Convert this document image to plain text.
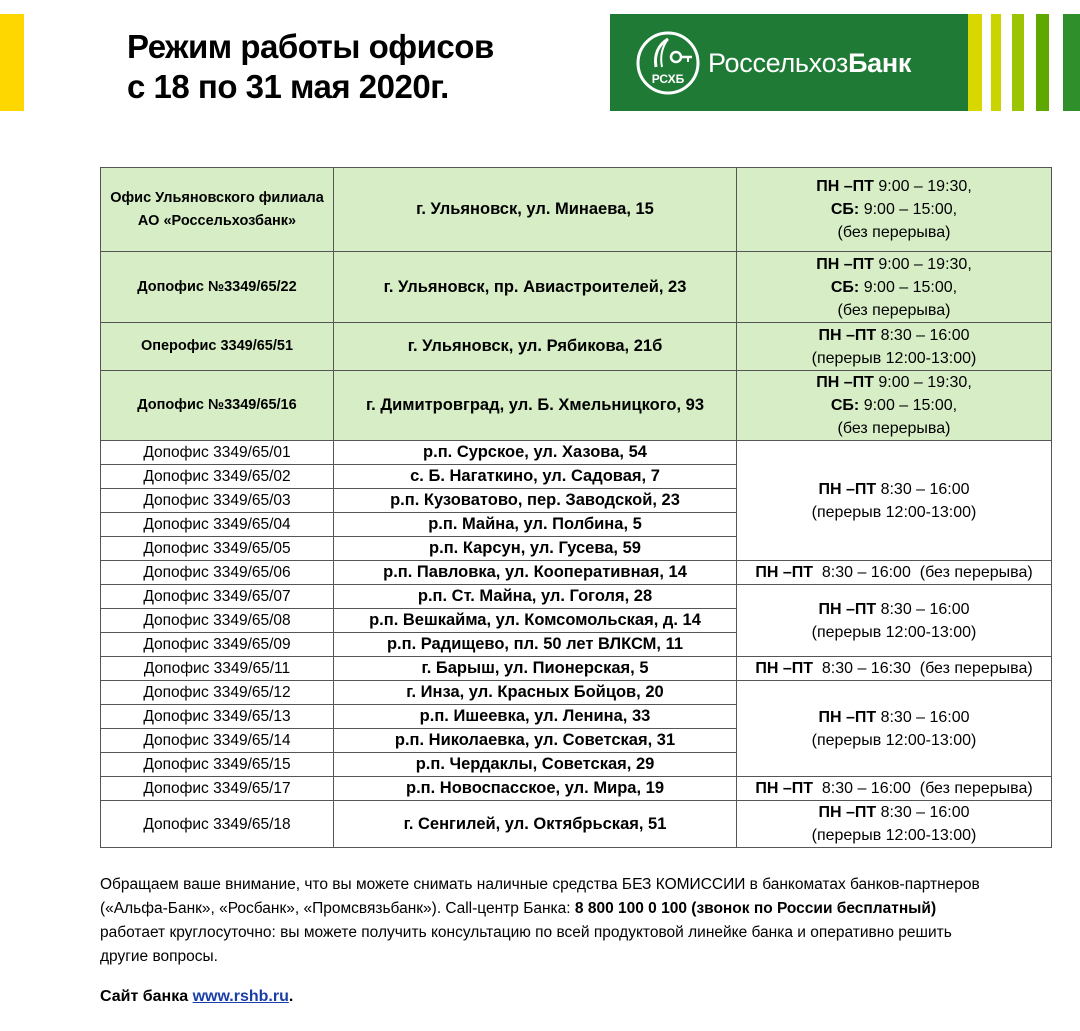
Режим работы офисов
с 18 по 31 мая 2020г.	РСХБ
РоссельхозБанк
Офис Ульяновского филиала АО «Россельхозбанк»	г. Ульяновск, ул. Минаева, 15	ПН –ПТ 9:00 – 19:30,
СБ: 9:00 – 15:00,
(без перерыва)

Допофис №3349/65/22	г. Ульяновск, пр. Авиастроителей, 23	ПН –ПТ 9:00 – 19:30,
СБ: 9:00 – 15:00,
(без перерыва)

Оперофис 3349/65/51	г. Ульяновск, ул. Рябикова, 21б	ПН –ПТ 8:30 – 16:00
(перерыв 12:00-13:00)

Допофис №3349/65/16	г. Димитровград, ул. Б. Хмельницкого, 93	ПН –ПТ 9:00 – 19:30,
СБ: 9:00 – 15:00,
(без перерыва)

Допофис 3349/65/01	р.п. Сурское, ул. Хазова, 54	ПН –ПТ 8:30 – 16:00
(перерыв 12:00-13:00)

Допофис 3349/65/02	с. Б. Нагаткино, ул. Садовая, 7	
Допофис 3349/65/03	р.п. Кузоватово, пер. Заводской, 23	
Допофис 3349/65/04	р.п. Майна, ул. Полбина, 5	
Допофис 3349/65/05	р.п. Карсун, ул. Гусева, 59	
Допофис 3349/65/06	р.п. Павловка, ул. Кооперативная, 14	ПН –ПТ 8:30 – 16:00 (без перерыва)
Допофис 3349/65/07	р.п. Ст. Майна, ул. Гоголя, 28	ПН –ПТ 8:30 – 16:00
(перерыв 12:00-13:00)

Допофис 3349/65/08	р.п. Вешкайма, ул. Комсомольская, д. 14	
Допофис 3349/65/09	р.п. Радищево, пл. 50 лет ВЛКСМ, 11	
Допофис 3349/65/11	г. Барыш, ул. Пионерская, 5	ПН –ПТ 8:30 – 16:30 (без перерыва)
Допофис 3349/65/12	г. Инза, ул. Красных Бойцов, 20	ПН –ПТ 8:30 – 16:00
(перерыв 12:00-13:00)

Допофис 3349/65/13	р.п. Ишеевка, ул. Ленина, 33	
Допофис 3349/65/14	р.п. Николаевка, ул. Советская, 31	
Допофис 3349/65/15	р.п. Чердаклы, Советская, 29	
Допофис 3349/65/17	р.п. Новоспасское, ул. Мира, 19	ПН –ПТ 8:30 – 16:00 (без перерыва)
Допофис 3349/65/18	г. Сенгилей, ул. Октябрьская, 51	ПН –ПТ 8:30 – 16:00
(перерыв 12:00-13:00)
Обращаем ваше внимание, что вы можете снимать наличные средства БЕЗ КОМИССИИ в банкоматах банков-партнеров («Альфа-Банк», «Росбанк», «Промсвязьбанк»). Call-центр Банка: 8 800 100 0 100 (звонок по России бесплатный) работает круглосуточно: вы можете получить консультацию по всей продуктовой линейке банка и оперативно решить другие вопросы.
Сайт банка www.rshb.ru.
